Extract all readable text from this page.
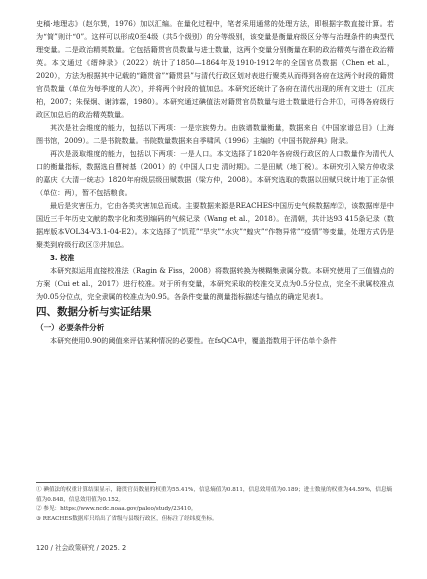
史稿·地理志》（赵尔巽，1976）加以汇编。在量化过程中，笔者采用通常的处理方法，即根据字数直接计算。若为“简”则计“0”。这样可以形成0至4级（共5个级别）的分等级别，该变量是衡量府级区分等与治理条件的典型代理变量。二是政治精英数量。它包括籍贯官员数量与进士数量，这两个变量分别衡量在职的政治精英与潜在政治精英。本文通过《缙绅录》（2022）统计了1850—1864年及1910-1912年的全国官员数据（Chen et al.，2020），方法为根据其中记载的“籍贯省”“籍贯县”与清代行政区划对表进行聚类从而得到各府在这两个时段的籍贯官员数量（单位为每季度的人次），并将两个时段的值加总。本研究还统计了各府在清代出现的所有文进士（江庆柏，2007；朱保炯、谢沛霖，1980）。本研究通过碘值法对籍贯官员数量与进士数量进行合并①，可得各府级行政区加总后的政治精英数量。

其次是社会维度的能力，包括以下两项：一是宗族势力。由族谱数量衡量，数据来自《中国家谱总目》（上海图书馆，2009）。二是书院数量。书院数量数据来自季啸风（1996）主编的《中国书院辞典》附录。

再次是汲取维度的能力，包括以下两项：一是人口。本文选择了1820年各府级行政区的人口数量作为清代人口的衡量指标，数据选自曹树基（2001）的《中国人口史 清时期》。二是田赋（地丁税）。本研究引入梁方仲收录的嘉庆《大清一统志》1820年府级层级田赋数据（梁方仲，2008）。本研究选取的数据以田赋只统计地丁正杂银（单位：两），暂不包括粮食。

最后是灾害压力，它由各类灾害加总而成。主要数据来源是REACHES中国历史气候数据库②，该数据库是中国近三千年历史文献的数字化和类别编码的气候记录（Wang et al.，2018）。在清朝，共计达93 415条记录（数据库版本VOL34-V3.1-04-E2）。本文选择了“饥荒”“旱灾”“水灾”“蝗灾”“作物异常”“疫情”等变量，处理方式仍是聚类到府级行政区③并加总。

3. 校准

本研究拟运用直接校准法（Ragin & Fiss，2008）将数据转换为模糊集隶属分数。本研究使用了三值锚点的方案（Cui et al.，2017）进行校准。对于所有变量，本研究采取的校准交叉点为0.5分位点，完全不隶属校准点为0.05分位点，完全隶属的校准点为0.95。各条件变量的测量指标描述与锚点的确定见表1。

四、数据分析与实证结果

（一）必要条件分析

本研究使用0.90的阈值来评估某种情况的必要性。在fsQCA中，覆盖指数用于评估单个条件

① 碘值法的权重计算结果显示，籍贯官员数量的权重为55.41%，信息熵值为0.811，信息效用值为0.189；进士数量的权重为44.59%，信息熵值为0.848，信息效用值为0.152。

② 参见：https://www.ncdc.noaa.gov/paleo/study/23410。

③ REACHES数据库只给出了省级与县级行政区，但标注了经纬度坐标。

120 / 社会政策研究 / 2025. 2
